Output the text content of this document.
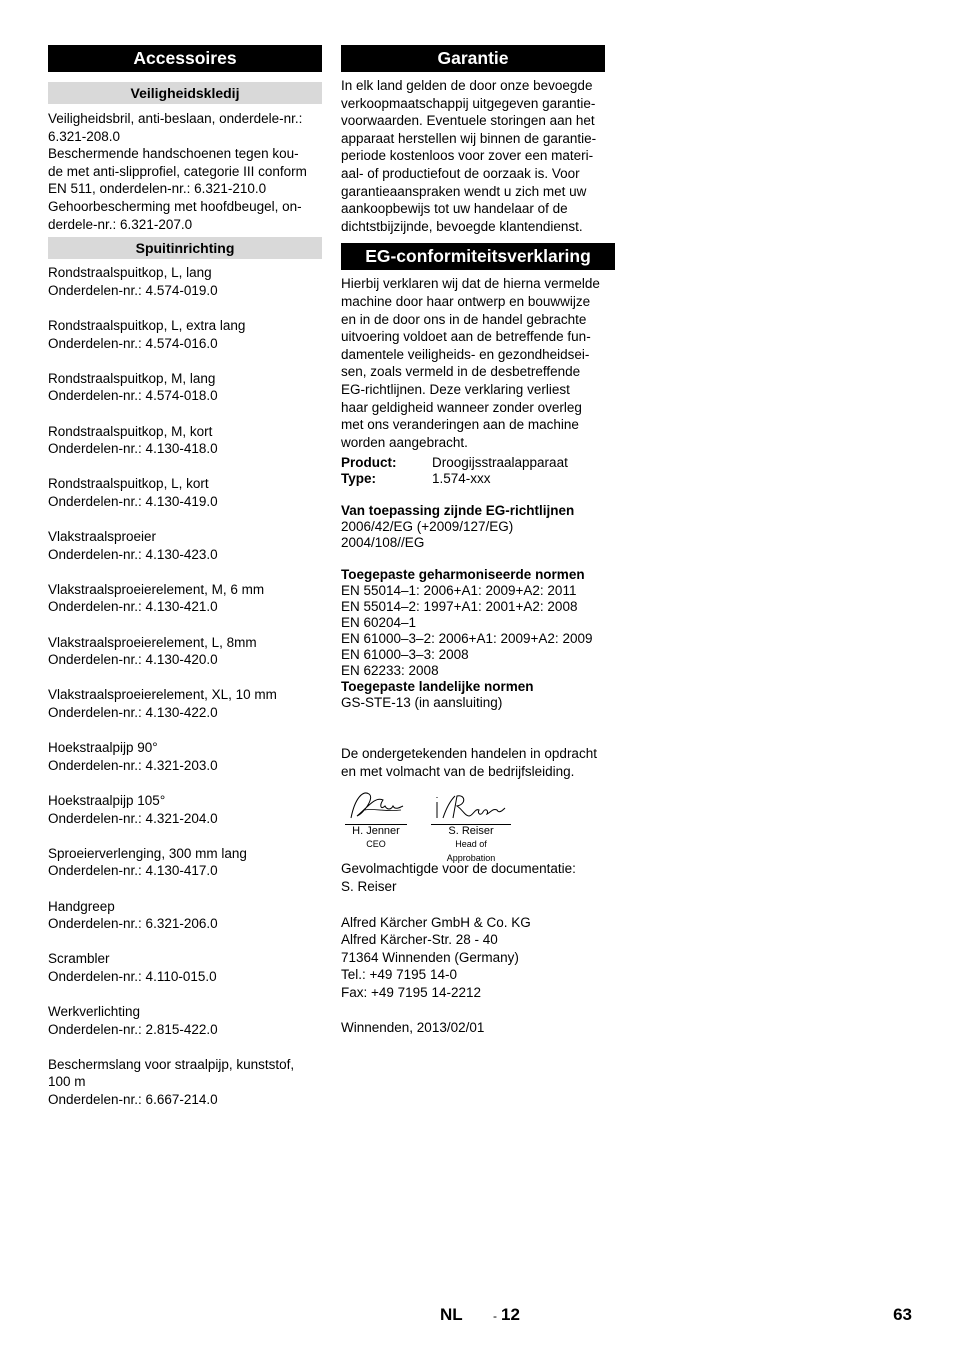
Accessoires
Veiligheidskledij

Veiligheidsbril, anti-beslaan, onderdele-nr.:
6.321-208.0
Beschermende handschoenen tegen kou-
de met anti-slipprofiel, categorie III conform
EN 511, onderdelen-nr.: 6.321-210.0
Gehoorbescherming met hoofdbeugel, on-
derdele-nr.: 6.321-207.0

Spuitinrichting

Rondstraalspuitkop, L, lang

Onderdelen-nr.: 4.574-019.0

Rondstraalspuitkop, L, extra lang

Onderdelen-nr.: 4.574-016.0

Rondstraalspuitkop, M, lang

Onderdelen-nr.: 4.574-018.0

Rondstraalspuitkop, M, kort

Onderdelen-nr.: 4.130-418.0

Rondstraalspuitkop, L, kort

Onderdelen-nr.: 4.130-419.0

Vlakstraalsproeier

Onderdelen-nr.: 4.130-423.0

Vlakstraalsproeierelement, M, 6 mm

Onderdelen-nr.: 4.130-421.0

Vlakstraalsproeierelement, L, 8mm

Onderdelen-nr.: 4.130-420.0

Vlakstraalsproeierelement, XL, 10 mm

Onderdelen-nr.: 4.130-422.0

Hoekstraalpijp 90°

Onderdelen-nr.: 4.321-203.0

Hoekstraalpijp 105°

Onderdelen-nr.: 4.321-204.0

Sproeierverlenging, 300 mm lang

Onderdelen-nr.: 4.130-417.0

Handgreep

Onderdelen-nr.: 6.321-206.0

Scrambler

Onderdelen-nr.: 4.110-015.0

Werkverlichting

Onderdelen-nr.: 2.815-422.0

Beschermslang voor straalpijp, kunststof,
100 m

Onderdelen-nr.: 6.667-214.0

Garantie

In elk land gelden de door onze bevoegde
verkoopmaatschappij uitgegeven garantie-
voorwaarden. Eventuele storingen aan het
apparaat herstellen wij binnen de garantie-
periode kostenloos voor zover een materi-
aal- of productiefout de oorzaak is. Voor
garantieaanspraken wendt u zich met uw
aankoopbewijs tot uw handelaar of de
dichtstbijzijnde, bevoegde klantendienst.

EG-conformiteitsverklaring

Hierbij verklaren wij dat de hierna vermelde
machine door haar ontwerp en bouwwijze
en in de door ons in de handel gebrachte
uitvoering voldoet aan de betreffende fun-
damentele veiligheids- en gezondheidsei-
sen, zoals vermeld in de desbetreffende
EG-richtlijnen. Deze verklaring verliest
haar geldigheid wanneer zonder overleg
met ons veranderingen aan de machine
worden aangebracht.

Product:	Droogijsstraalapparaat
Type:	1.574-xxx
Van toepassing zijnde EG-richtlijnen

2006/42/EG (+2009/127/EG)
2004/108//EG

Toegepaste geharmoniseerde normen

EN 55014–1: 2006+A1: 2009+A2: 2011
EN 55014–2: 1997+A1: 2001+A2: 2008
EN 60204–1
EN 61000–3–2: 2006+A1: 2009+A2: 2009
EN 61000–3–3: 2008
EN 62233: 2008

Toegepaste landelijke normen

GS-STE-13 (in aansluiting)

De ondergetekenden handelen in opdracht
en met volmacht van de bedrijfsleiding.

H. Jenner
CEO
S. Reiser
Head of Approbation

Gevolmachtigde voor de documentatie:
S. Reiser

Alfred Kärcher GmbH & Co. KG
Alfred Kärcher-Str. 28 - 40
71364 Winnenden (Germany)
Tel.: +49 7195 14-0
Fax: +49 7195 14-2212

Winnenden, 2013/02/01

NL	- 12	63
